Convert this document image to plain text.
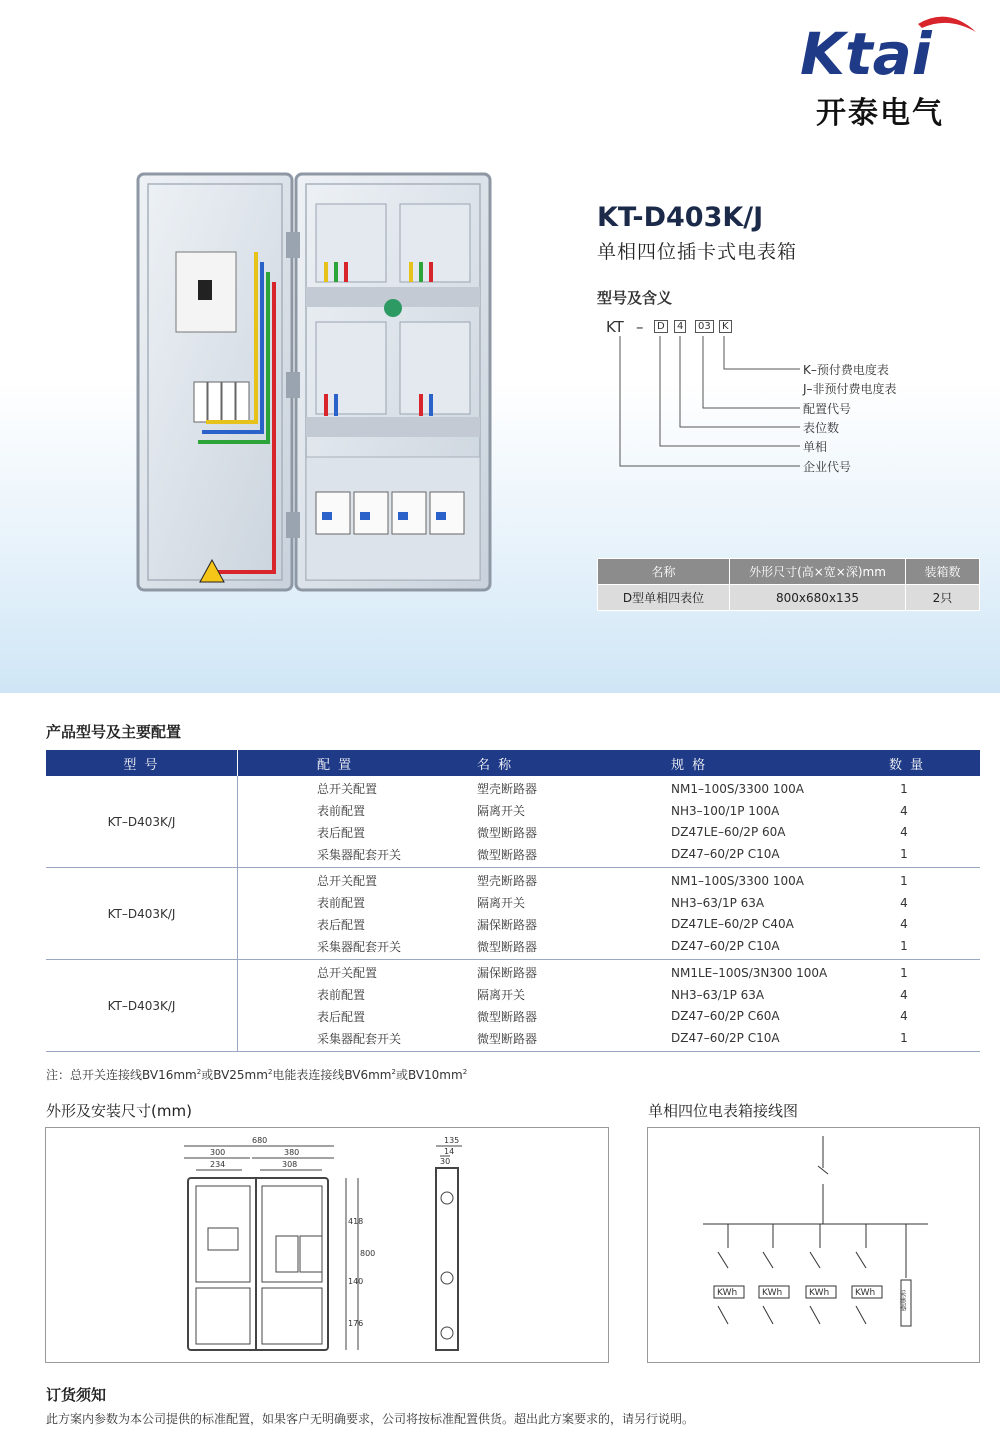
Ktai
开泰电气
KT-D403K/J
单相四位插卡式电表箱
型号及含义
KT –	D	4	03	K
K–预付费电度表
J–非预付费电度表
配置代号
表位数
单相
企业代号
名称	外形尺寸(高×宽×深)mm	装箱数
D型单相四表位	800x680x135	2只
产品型号及主要配置
型 号	配 置	名 称	规 格	数 量
KT–D403K/J
总开关配置	塑壳断路器	NM1–100S/3300 100A	1
表前配置	隔离开关	NH3–100/1P 100A	4
表后配置	微型断路器	DZ47LE–60/2P 60A	4
采集器配套开关	微型断路器	DZ47–60/2P C10A	1
KT–D403K/J
总开关配置	塑壳断路器	NM1–100S/3300 100A	1
表前配置	隔离开关	NH3–63/1P 63A	4
表后配置	漏保断路器	DZ47LE–60/2P C40A	4
采集器配套开关	微型断路器	DZ47–60/2P C10A	1
KT–D403K/J
总开关配置	漏保断路器	NM1LE–100S/3N300 100A	1
表前配置	隔离开关	NH3–63/1P 63A	4
表后配置	微型断路器	DZ47–60/2P C60A	4
采集器配套开关	微型断路器	DZ47–60/2P C10A	1
注：总开关连接线$BV16mm^2$或$BV25mm^2$电能表连接线$BV6mm^2$或$BV10mm^2$
外形及安装尺寸(mm)
680
300	380
234	308
418
800
140
176
135
14
30
单相四位电表箱接线图
KWh	KWh	KWh	KWh	采集器
订货须知
此方案内参数为本公司提供的标准配置，如果客户无明确要求，公司将按标准配置供货。超出此方案要求的，请另行说明。
